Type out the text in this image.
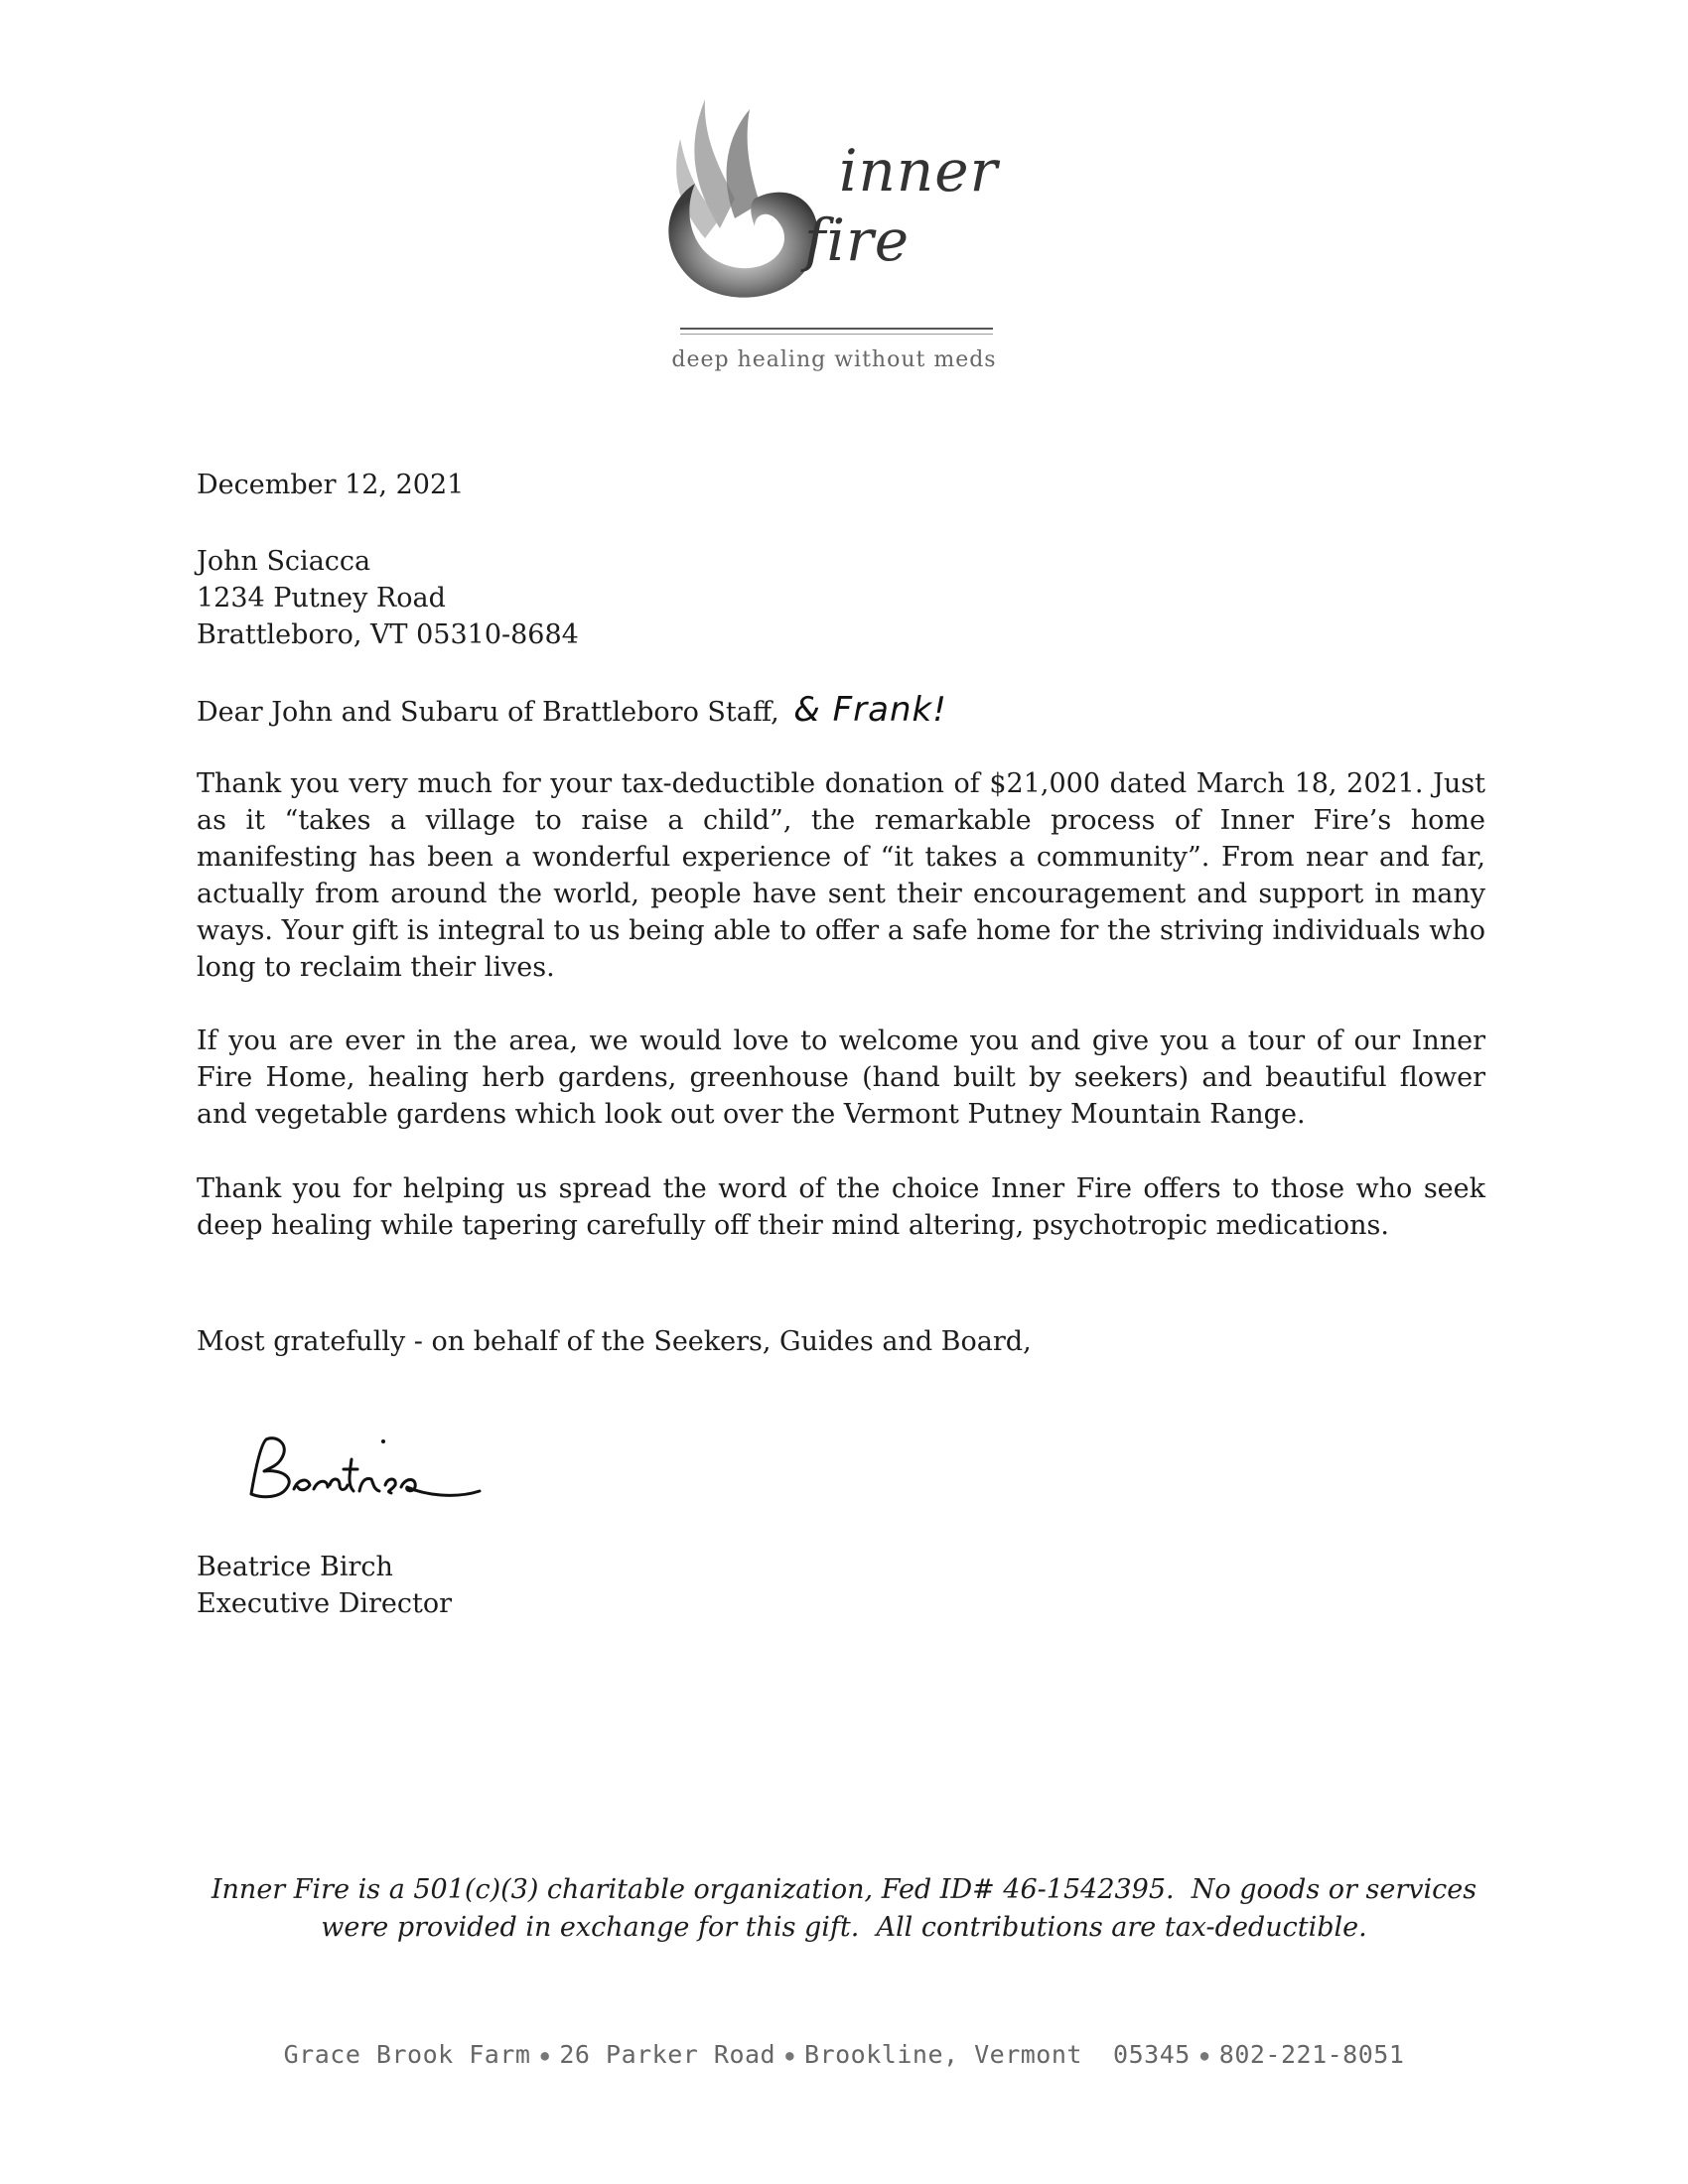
inner
fire
deep healing without meds
December 12, 2021
John Sciacca
1234 Putney Road
Brattleboro, VT 05310-8684
Dear John and Subaru of Brattleboro Staff, & Frank!
Thank you very much for your tax-deductible donation of $21,000 dated March 18, 2021. Just as it “takes a village to raise a child”, the remarkable process of Inner Fire’s home manifesting has been a wonderful experience of “it takes a community”. From near and far, actually from around the world, people have sent their encouragement and support in many ways. Your gift is integral to us being able to offer a safe home for the striving individuals who long to reclaim their lives.
If you are ever in the area, we would love to welcome you and give you a tour of our Inner Fire Home, healing herb gardens, greenhouse (hand built by seekers) and beautiful flower and vegetable gardens which look out over the Vermont Putney Mountain Range.
Thank you for helping us spread the word of the choice Inner Fire offers to those who seek deep healing while tapering carefully off their mind altering, psychotropic medications.
Most gratefully - on behalf of the Seekers, Guides and Board,
Beatrice Birch
Executive Director
Inner Fire is a 501(c)(3) charitable organization, Fed ID# 46-1542395.  No goods or services
were provided in exchange for this gift.  All contributions are tax-deductible.
Grace Brook Farm ● 26 Parker Road ● Brookline, Vermont  05345 ● 802-221-8051
